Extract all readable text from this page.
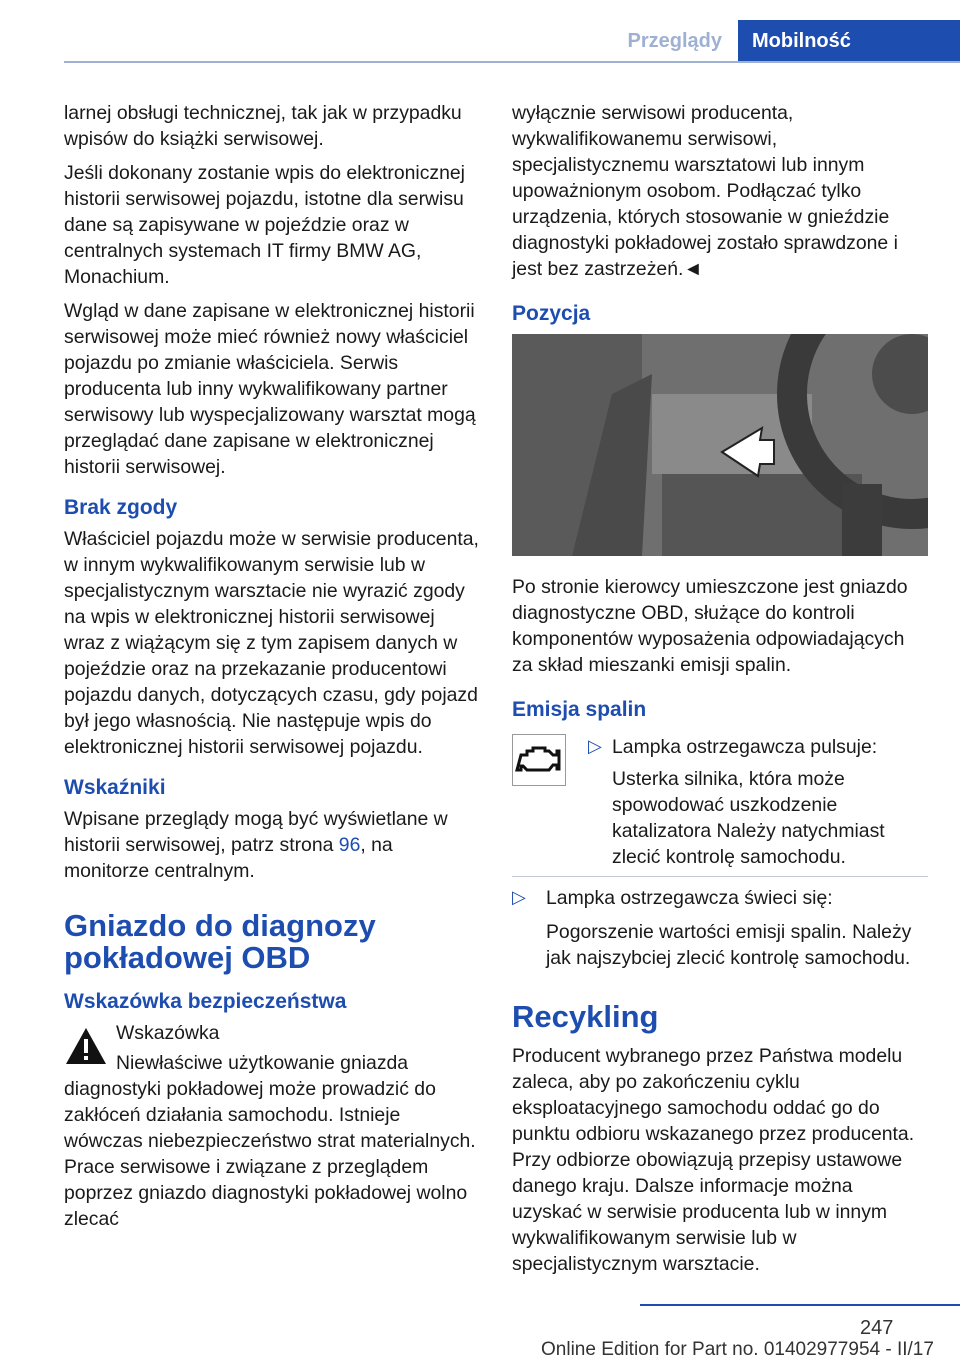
Przeglądy	Mobilność

larnej obsługi technicznej, tak jak w przypadku wpisów do książki serwisowej.

Jeśli dokonany zostanie wpis do elektronicznej historii serwisowej pojazdu, istotne dla serwisu dane są zapisywane w pojeździe oraz w centralnych systemach IT firmy BMW AG, Monachium.

Wgląd w dane zapisane w elektronicznej historii serwisowej może mieć również nowy właściciel pojazdu po zmianie właściciela. Serwis producenta lub inny wykwalifikowany partner serwisowy lub wyspecjalizowany warsztat mogą przeglądać dane zapisane w elektronicznej historii serwisowej.

Brak zgody

Właściciel pojazdu może w serwisie producenta, w innym wykwalifikowanym serwisie lub w specjalistycznym warsztacie nie wyrazić zgody na wpis w elektronicznej historii serwisowej wraz z wiążącym się z tym zapisem danych w pojeździe oraz na przekazanie producentowi pojazdu danych, dotyczących czasu, gdy pojazd był jego własnością. Nie następuje wpis do elektronicznej historii serwisowej pojazdu.

Wskaźniki

Wpisane przeglądy mogą być wyświetlane w historii serwisowej, patrz strona 96, na monitorze centralnym.

Gniazdo do diagnozy pokładowej OBD
Wskazówka bezpieczeństwa

Wskazówka

Niewłaściwe użytkowanie gniazda diagnostyki pokładowej może prowadzić do zakłóceń działania samochodu. Istnieje wówczas niebezpieczeństwo strat materialnych. Prace serwisowe i związane z przeglądem poprzez gniazdo diagnostyki pokładowej wolno zlecać

wyłącznie serwisowi producenta, wykwalifikowanemu serwisowi, specjalistycznemu warsztatowi lub innym upoważnionym osobom. Podłączać tylko urządzenia, których stosowanie w gnieździe diagnostyki pokładowej zostało sprawdzone i jest bez zastrzeżeń.◄

Pozycja

Po stronie kierowcy umieszczone jest gniazdo diagnostyczne OBD, służące do kontroli komponentów wyposażenia odpowiadających za skład mieszanki emisji spalin.

Emisja spalin
▷ Lampka ostrzegawcza pulsuje:

Usterka silnika, która może spowodować uszkodzenie katalizatora Należy natychmiast zlecić kontrolę samochodu.

▷ Lampka ostrzegawcza świeci się:

Pogorszenie wartości emisji spalin. Należy jak najszybciej zlecić kontrolę samochodu.

Recykling

Producent wybranego przez Państwa modelu zaleca, aby po zakończeniu cyklu eksploatacyjnego samochodu oddać go do punktu odbioru wskazanego przez producenta. Przy odbiorze obowiązują przepisy ustawowe danego kraju. Dalsze informacje można uzyskać w serwisie producenta lub w innym wykwalifikowanym serwisie lub w specjalistycznym warsztacie.

247
Online Edition for Part no. 01402977954 - II/17
